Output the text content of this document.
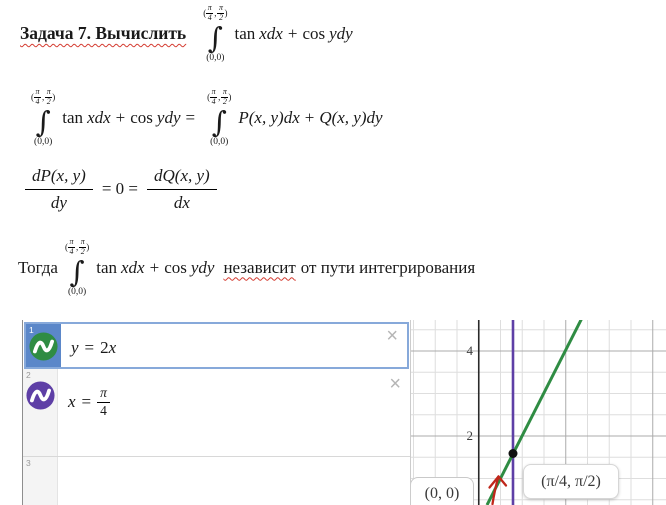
Задача 7. Вычислить
(
π
4 ,
π
2 )
∫
(0,0)
tan xdx + cos ydy
(
π
4 ,
π
2 )
∫
(0,0)
tan xdx + cos ydy =
(
π
4 ,
π
2 )
∫
(0,0)
P(x, y)dx + Q(x, y)dy
$\frac{dP(x, y)}{dy} = 0 = \frac{dQ(x, y)}{dx}$
Тогда
(
π
4 ,
π
2 )
∫
(0,0)
tan xdx + cos ydy независит от пути интегрирования
1
y = 2 x
×
2
$x = \frac{\pi}{4}$
×
3
4
2
(0, 0)
(π/4, π/2)
